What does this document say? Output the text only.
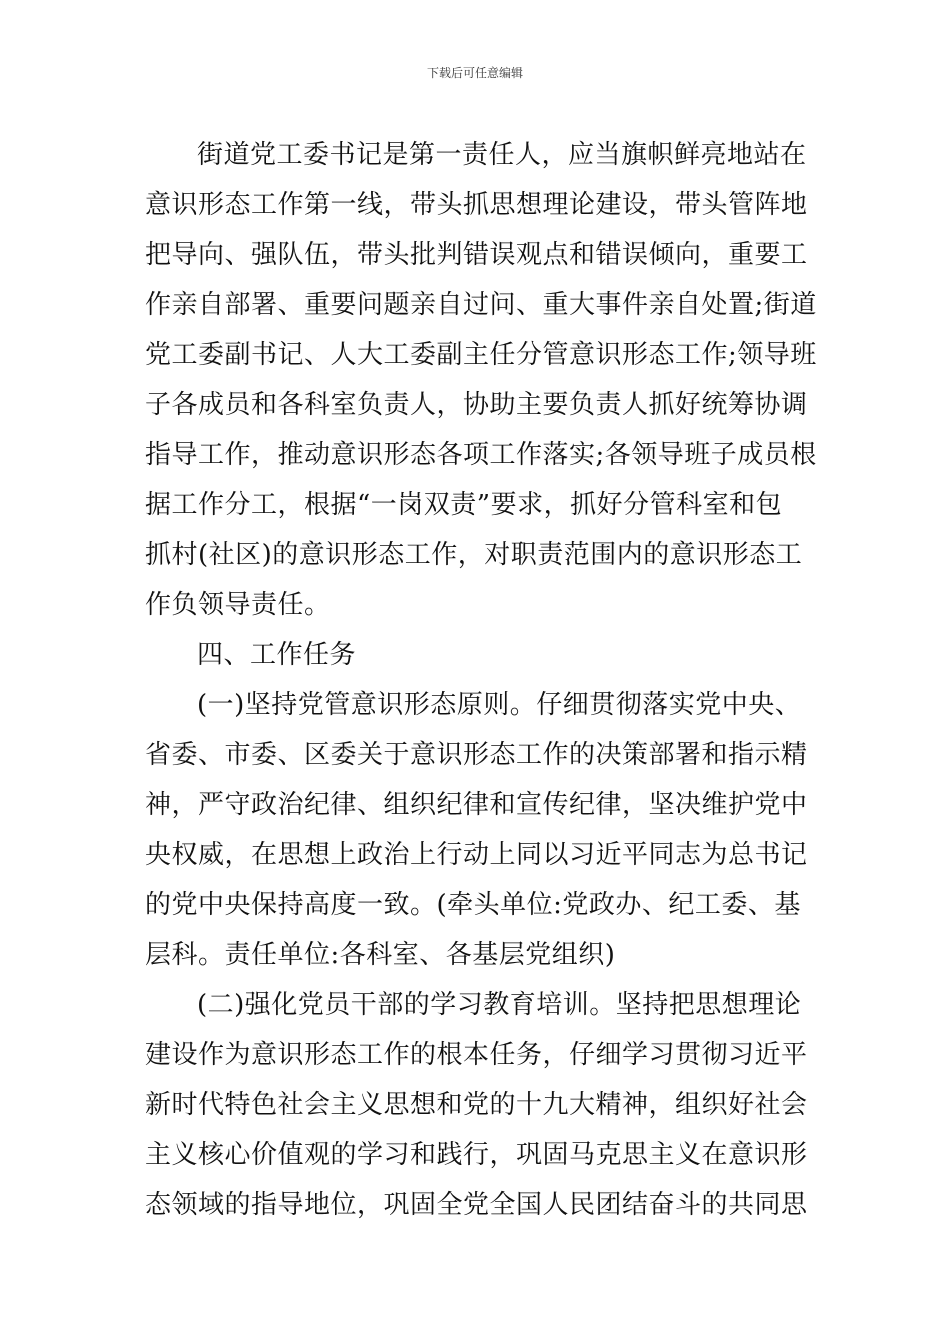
下载后可任意编辑
街道党工委书记是第一责任人，应当旗帜鲜亮地站在
意识形态工作第一线，带头抓思想理论建设，带头管阵地
把导向、强队伍，带头批判错误观点和错误倾向，重要工
作亲自部署、重要问题亲自过问、重大事件亲自处置;街道
党工委副书记、人大工委副主任分管意识形态工作;领导班
子各成员和各科室负责人，协助主要负责人抓好统筹协调
指导工作，推动意识形态各项工作落实;各领导班子成员根
据工作分工，根据“一岗双责”要求，抓好分管科室和包
抓村(社区)的意识形态工作，对职责范围内的意识形态工
作负领导责任。
四、工作任务
(一)坚持党管意识形态原则。仔细贯彻落实党中央、
省委、市委、区委关于意识形态工作的决策部署和指示精
神，严守政治纪律、组织纪律和宣传纪律，坚决维护党中
央权威，在思想上政治上行动上同以习近平同志为总书记
的党中央保持高度一致。(牵头单位:党政办、纪工委、基
层科。责任单位:各科室、各基层党组织)
(二)强化党员干部的学习教育培训。坚持把思想理论
建设作为意识形态工作的根本任务，仔细学习贯彻习近平
新时代特色社会主义思想和党的十九大精神，组织好社会
主义核心价值观的学习和践行，巩固马克思主义在意识形
态领域的指导地位，巩固全党全国人民团结奋斗的共同思
